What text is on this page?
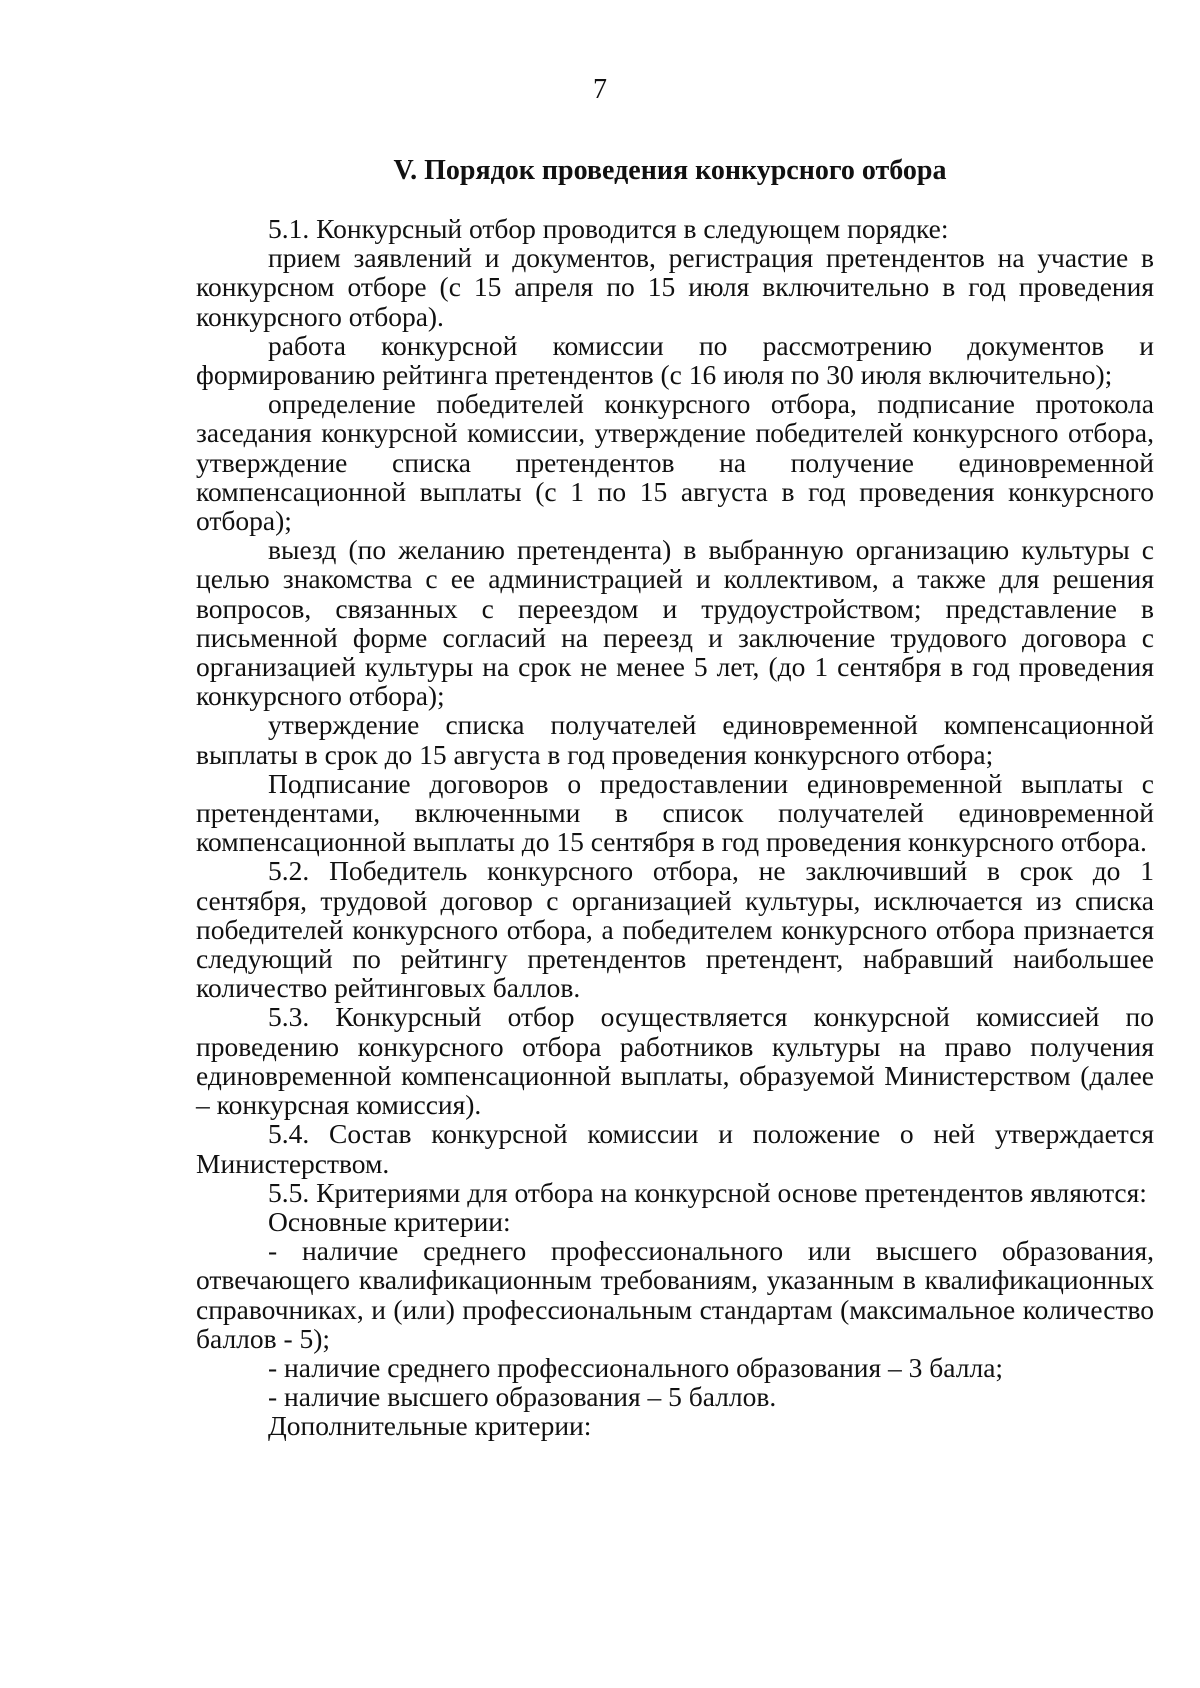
7
V. Порядок проведения конкурсного отбора

5.1. Конкурсный отбор проводится в следующем порядке:

прием заявлений и документов, регистрация претендентов на участие в конкурсном отборе (с 15 апреля по 15 июля включительно в год проведения конкурсного отбора).

работа конкурсной комиссии по рассмотрению документов и формированию рейтинга претендентов (с 16 июля по 30 июля включительно);

определение победителей конкурсного отбора, подписание протокола заседания конкурсной комиссии, утверждение победителей конкурсного отбора, утверждение списка претендентов на получение единовременной компенсационной выплаты (с 1 по 15 августа в год проведения конкурсного отбора);

выезд (по желанию претендента) в выбранную организацию культуры с целью знакомства с ее администрацией и коллективом, а также для решения вопросов, связанных с переездом и трудоустройством; представление в письменной форме согласий на переезд и заключение трудового договора с организацией культуры на срок не менее 5 лет, (до 1 сентября в год проведения конкурсного отбора);

утверждение списка получателей единовременной компенсационной выплаты в срок до 15 августа в год проведения конкурсного отбора;

Подписание договоров о предоставлении единовременной выплаты с претендентами, включенными в список получателей единовременной компенсационной выплаты до 15 сентября в год проведения конкурсного отбора.

5.2. Победитель конкурсного отбора, не заключивший в срок до 1 сентября, трудовой договор с организацией культуры, исключается из списка победителей конкурсного отбора, а победителем конкурсного отбора признается следующий по рейтингу претендентов претендент, набравший наибольшее количество рейтинговых баллов.

5.3. Конкурсный отбор осуществляется конкурсной комиссией по проведению конкурсного отбора работников культуры на право получения единовременной компенсационной выплаты, образуемой Министерством (далее – конкурсная комиссия).

5.4. Состав конкурсной комиссии и положение о ней утверждается Министерством.

5.5. Критериями для отбора на конкурсной основе претендентов являются:

Основные критерии:

- наличие среднего профессионального или высшего образования, отвечающего квалификационным требованиям, указанным в квалификационных справочниках, и (или) профессиональным стандартам (максимальное количество баллов - 5);

- наличие среднего профессионального образования – 3 балла;

- наличие высшего образования – 5 баллов.

Дополнительные критерии:
